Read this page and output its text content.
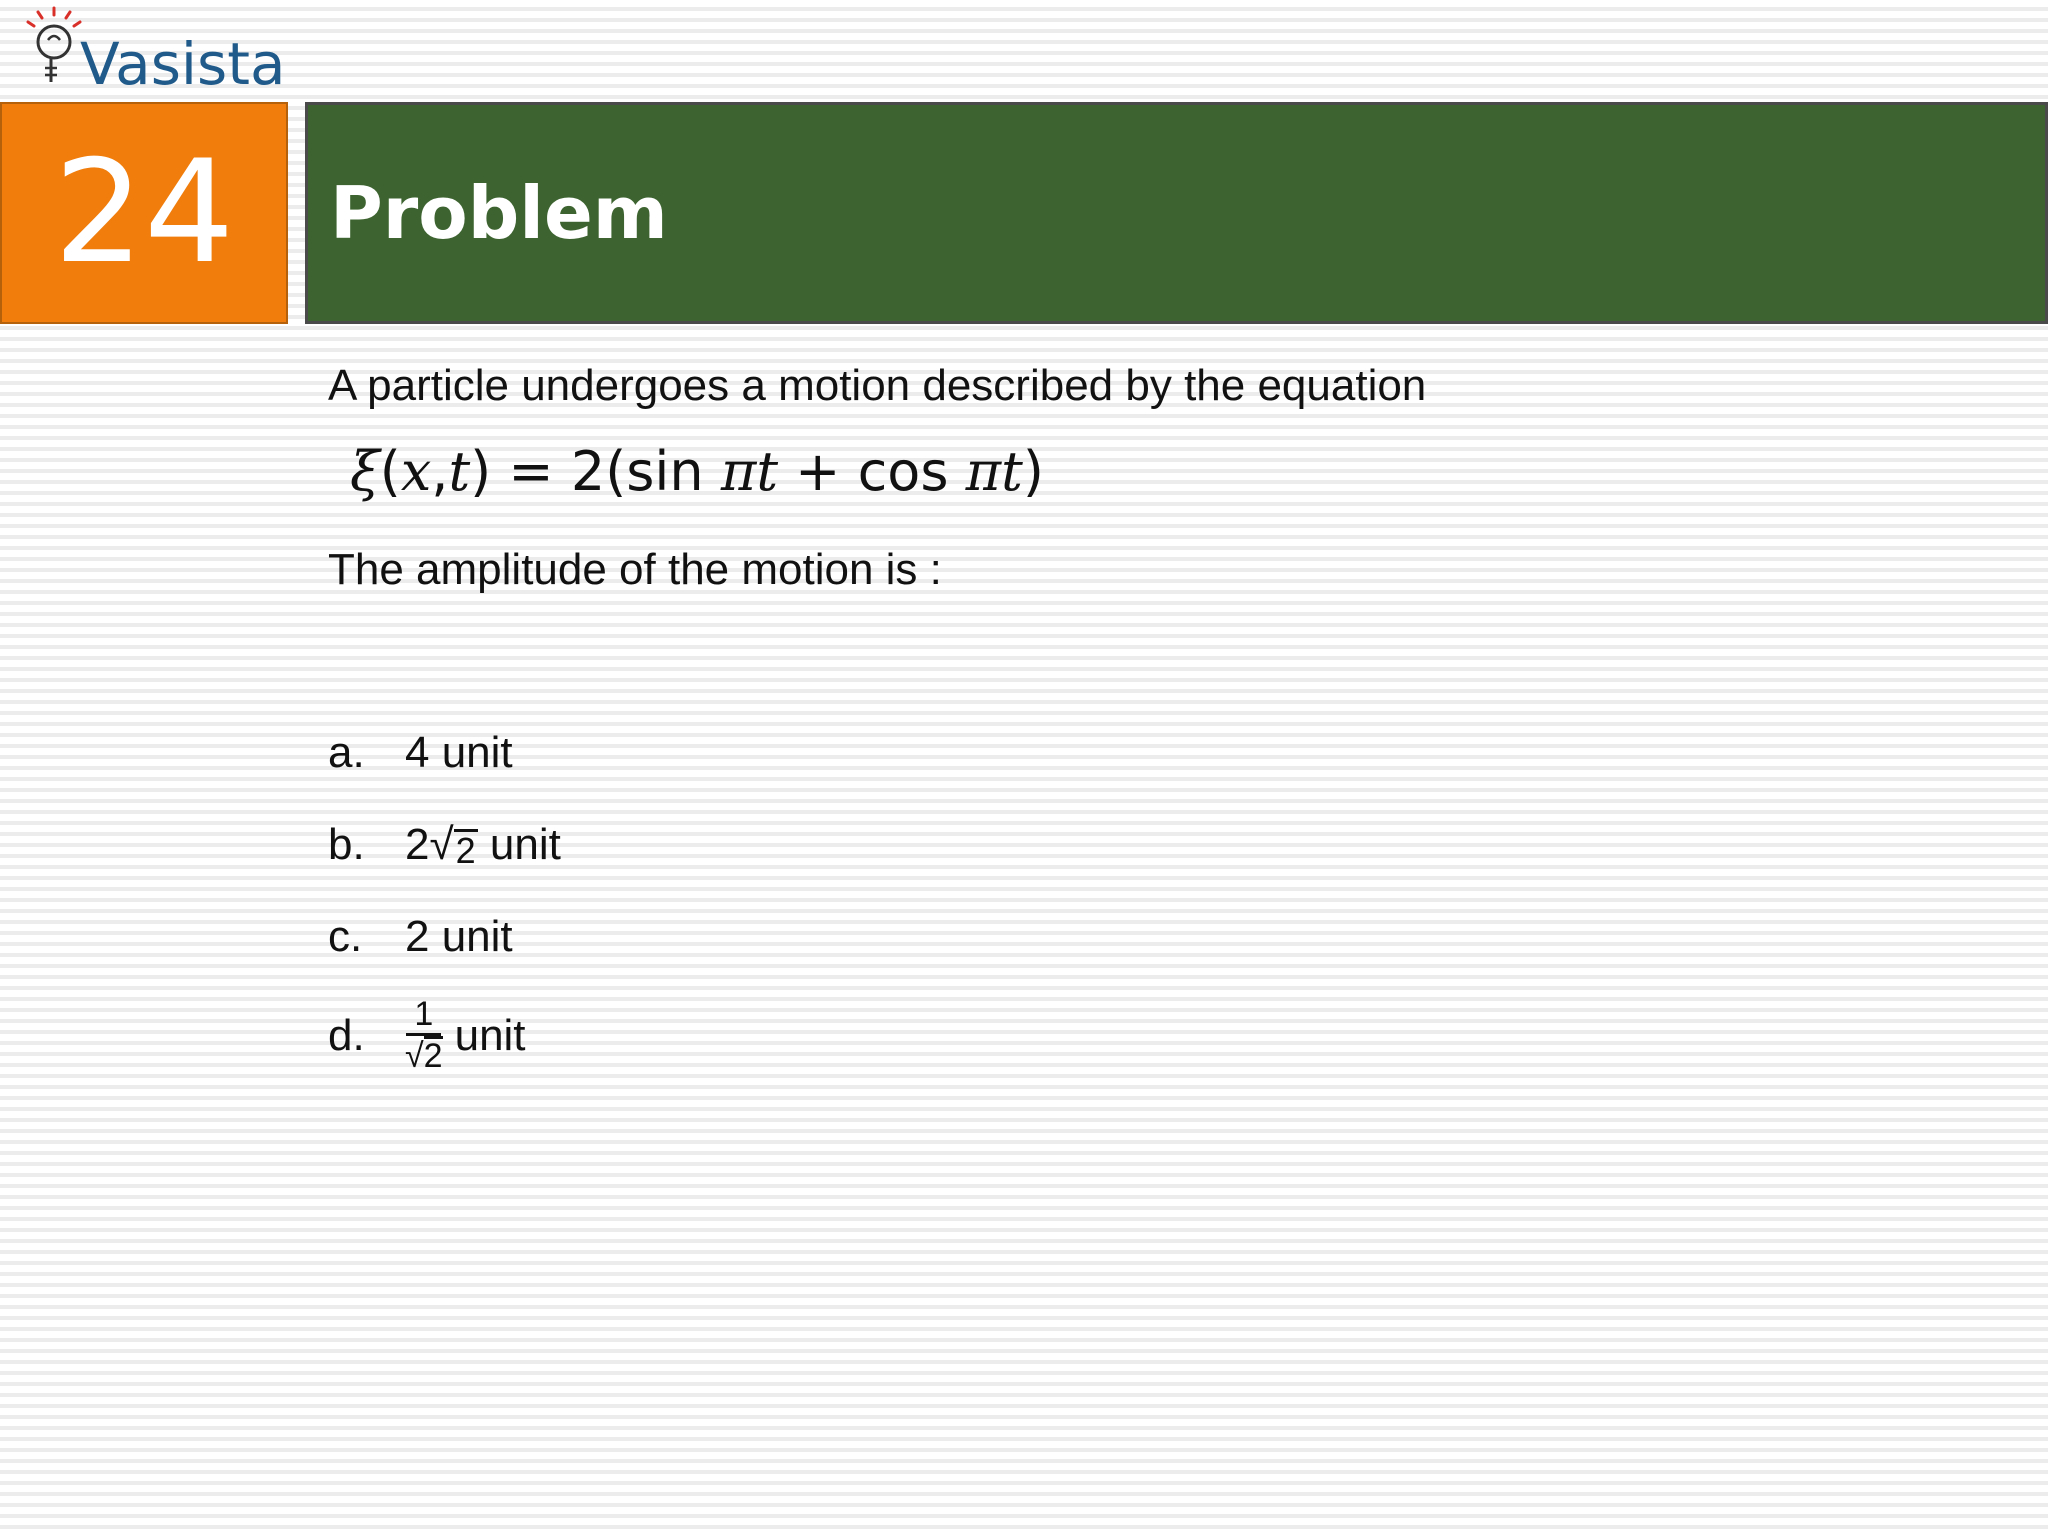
Vasista
24 Problem
A particle undergoes a motion described by the equation
ξ(x,t) = 2(sin πt + cos πt)
The amplitude of the motion is :
a. 4 unit
b. 2 √ 2 unit
c. 2 unit
d.	$\frac{1}{√ 2}$ unit
